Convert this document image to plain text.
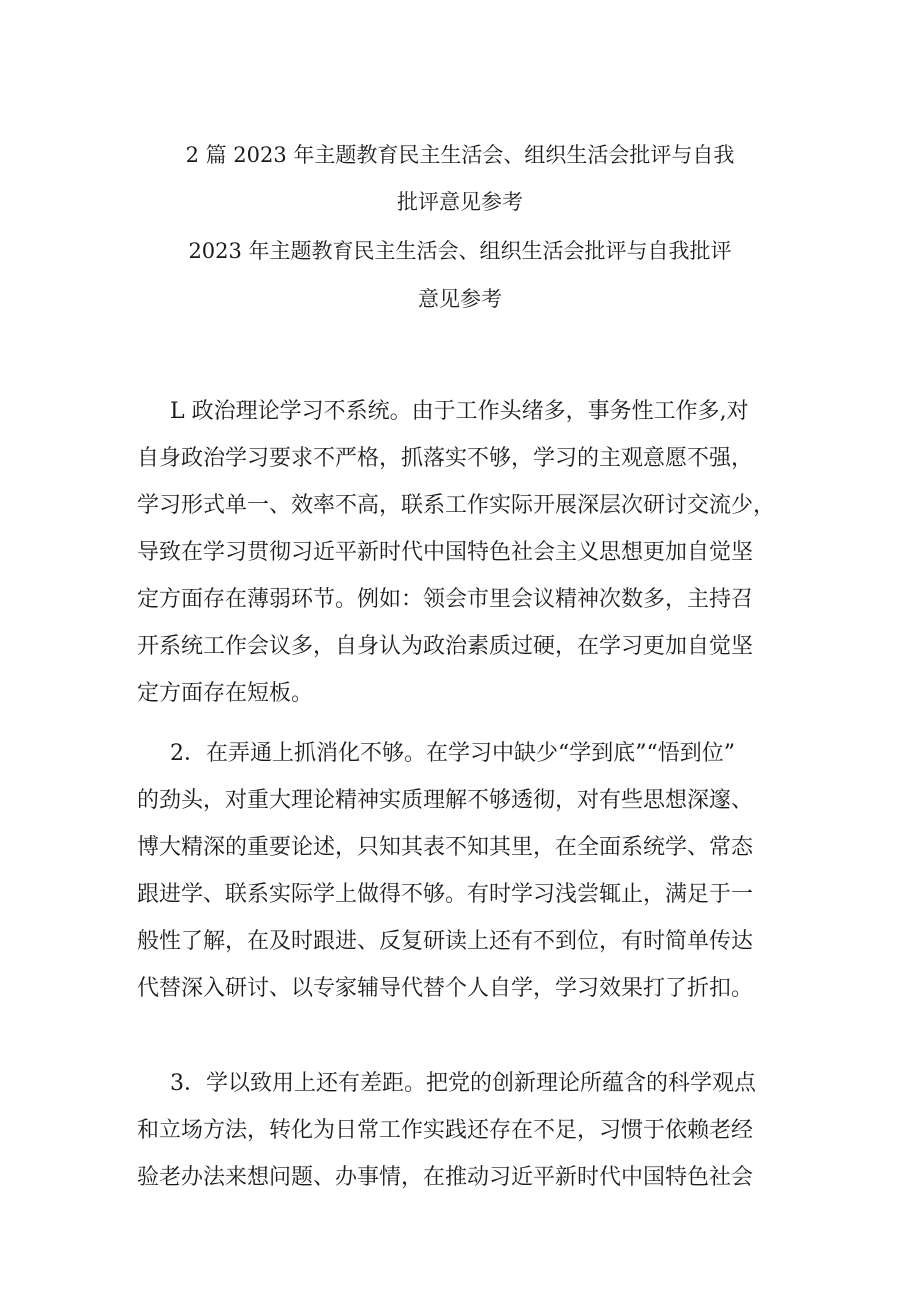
2 篇 2023 年主题教育民主生活会、组织生活会批评与自我
批评意见参考
2023 年主题教育民主生活会、组织生活会批评与自我批评
意见参考
L 政治理论学习不系统。由于工作头绪多，事务性工作多,对
自身政治学习要求不严格，抓落实不够，学习的主观意愿不强，
学习形式单一、效率不高，联系工作实际开展深层次研讨交流少，
导致在学习贯彻习近平新时代中国特色社会主义思想更加自觉坚
定方面存在薄弱环节。例如：领会市里会议精神次数多，主持召
开系统工作会议多，自身认为政治素质过硬，在学习更加自觉坚
定方面存在短板。
2．在弄通上抓消化不够。在学习中缺少“学到底”“悟到位”
的劲头，对重大理论精神实质理解不够透彻，对有些思想深邃、
博大精深的重要论述，只知其表不知其里，在全面系统学、常态
跟进学、联系实际学上做得不够。有时学习浅尝辄止，满足于一
般性了解，在及时跟进、反复研读上还有不到位，有时简单传达
代替深入研讨、以专家辅导代替个人自学，学习效果打了折扣。
3．学以致用上还有差距。把党的创新理论所蕴含的科学观点
和立场方法，转化为日常工作实践还存在不足，习惯于依赖老经
验老办法来想问题、办事情，在推动习近平新时代中国特色社会
